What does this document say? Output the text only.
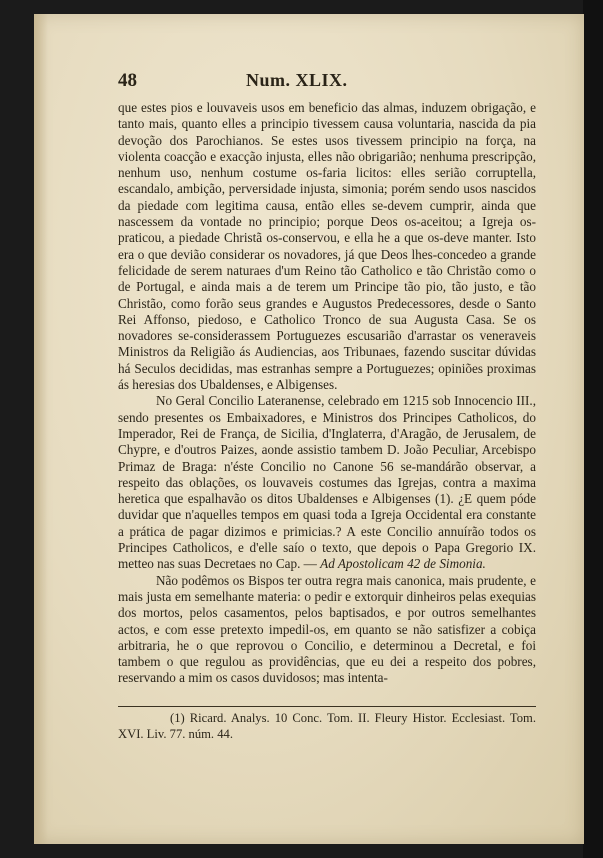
48	Num. XLIX.

que estes pios e louvaveis usos em beneficio das almas, induzem obrigação, e tanto mais, quanto elles a principio tivessem causa voluntaria, nascida da pia devoção dos Parochianos. Se estes usos tivessem principio na força, na violenta coacção e exacção injusta, elles não obrigarião; nenhuma prescripção, nenhum uso, nenhum costume os-faria licitos: elles serião corruptella, escandalo, ambição, perversidade injusta, simonia; porém sendo usos nascidos da piedade com legitima causa, então elles se-devem cumprir, ainda que nascessem da vontade no principio; porque Deos os-aceitou; a Igreja os-praticou, a piedade Christã os-conservou, e ella he a que os-deve manter. Isto era o que devião considerar os novadores, já que Deos lhes-concedeo a grande felicidade de serem naturaes d'um Reino tão Catholico e tão Christão como o de Portugal, e ainda mais a de terem um Principe tão pio, tão justo, e tão Christão, como forão seus grandes e Augustos Predecessores, desde o Santo Rei Affonso, piedoso, e Catholico Tronco de sua Augusta Casa. Se os novadores se-considerassem Portuguezes escusarião d'arrastar os veneraveis Ministros da Religião ás Audiencias, aos Tribunaes, fazendo suscitar dúvidas há Seculos decididas, mas estranhas sempre a Portuguezes; opiniões proximas ás heresias dos Ubaldenses, e Albigenses.

No Geral Concilio Lateranense, celebrado em 1215 sob Innocencio III., sendo presentes os Embaixadores, e Ministros dos Principes Catholicos, do Imperador, Rei de França, de Sicilia, d'Inglaterra, d'Aragão, de Jerusalem, de Chypre, e d'outros Paizes, aonde assistio tambem D. João Peculiar, Arcebispo Primaz de Braga: n'éste Concilio no Canone 56 se-mandárão observar, a respeito das oblações, os louvaveis costumes das Igrejas, contra a maxima heretica que espalhavão os ditos Ubaldenses e Albigenses (1). ¿E quem póde duvidar que n'aquelles tempos em quasi toda a Igreja Occidental era constante a prática de pagar dizimos e primicias.? A este Concilio annuírão todos os Principes Catholicos, e d'elle saío o texto, que depois o Papa Gregorio IX. metteo nas suas Decretaes no Cap. — Ad Apostolicam 42 de Simonia.

Não podêmos os Bispos ter outra regra mais canonica, mais prudente, e mais justa em semelhante materia: o pedir e extorquir dinheiros pelas exequias dos mortos, pelos casamentos, pelos baptisados, e por outros semelhantes actos, e com esse pretexto impedil-os, em quanto se não satisfizer a cobiça arbitraria, he o que reprovou o Concilio, e determinou a Decretal, e foi tambem o que regulou as providências, que eu dei a respeito dos pobres, reservando a mim os casos duvidosos; mas intenta-

(1) Ricard. Analys. 10 Conc. Tom. II. Fleury Histor. Ecclesiast. Tom. XVI. Liv. 77. núm. 44.
